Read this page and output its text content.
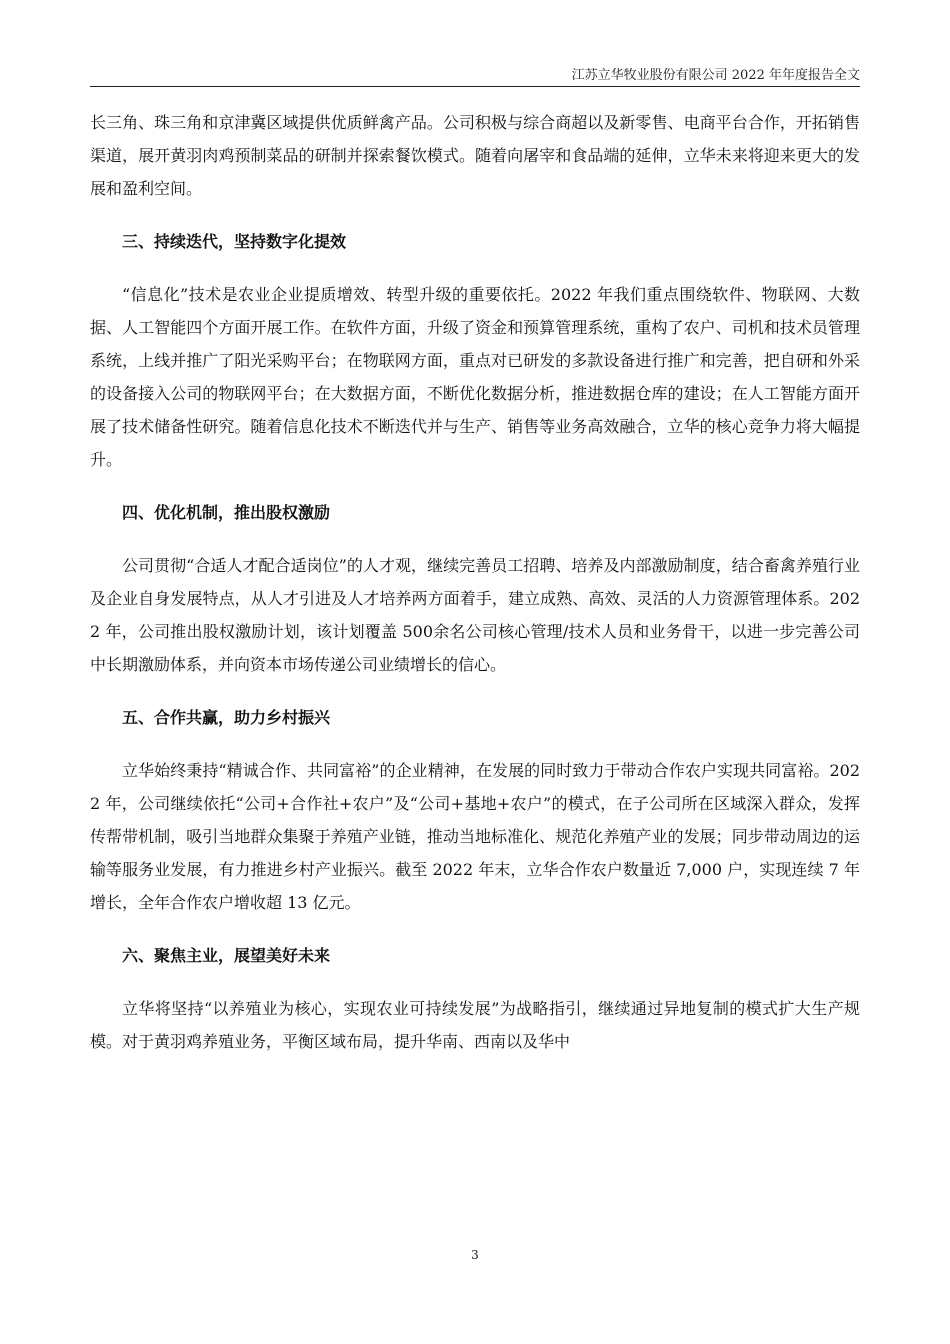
江苏立华牧业股份有限公司 2022 年年度报告全文

长三角、珠三角和京津冀区域提供优质鲜禽产品。公司积极与综合商超以及新零售、电商平台合作，开拓销售渠道，展开黄羽肉鸡预制菜品的研制并探索餐饮模式。随着向屠宰和食品端的延伸，立华未来将迎来更大的发展和盈利空间。

三、持续迭代，坚持数字化提效

“信息化”技术是农业企业提质增效、转型升级的重要依托。2022 年我们重点围绕软件、物联网、大数据、人工智能四个方面开展工作。在软件方面，升级了资金和预算管理系统，重构了农户、司机和技术员管理系统，上线并推广了阳光采购平台；在物联网方面，重点对已研发的多款设备进行推广和完善，把自研和外采的设备接入公司的物联网平台；在大数据方面，不断优化数据分析，推进数据仓库的建设；在人工智能方面开展了技术储备性研究。随着信息化技术不断迭代并与生产、销售等业务高效融合，立华的核心竞争力将大幅提升。

四、优化机制，推出股权激励

公司贯彻“合适人才配合适岗位”的人才观，继续完善员工招聘、培养及内部激励制度，结合畜禽养殖行业及企业自身发展特点，从人才引进及人才培养两方面着手，建立成熟、高效、灵活的人力资源管理体系。2022 年，公司推出股权激励计划，该计划覆盖 500余名公司核心管理/技术人员和业务骨干，以进一步完善公司中长期激励体系，并向资本市场传递公司业绩增长的信心。

五、合作共赢，助力乡村振兴

立华始终秉持“精诚合作、共同富裕”的企业精神，在发展的同时致力于带动合作农户实现共同富裕。2022 年，公司继续依托“公司+合作社+农户”及“公司+基地+农户”的模式，在子公司所在区域深入群众，发挥传帮带机制，吸引当地群众集聚于养殖产业链，推动当地标准化、规范化养殖产业的发展；同步带动周边的运输等服务业发展，有力推进乡村产业振兴。截至 2022 年末，立华合作农户数量近 7,000 户，实现连续 7 年增长，全年合作农户增收超 13 亿元。

六、聚焦主业，展望美好未来

立华将坚持“以养殖业为核心，实现农业可持续发展”为战略指引，继续通过异地复制的模式扩大生产规模。对于黄羽鸡养殖业务，平衡区域布局，提升华南、西南以及华中

3
